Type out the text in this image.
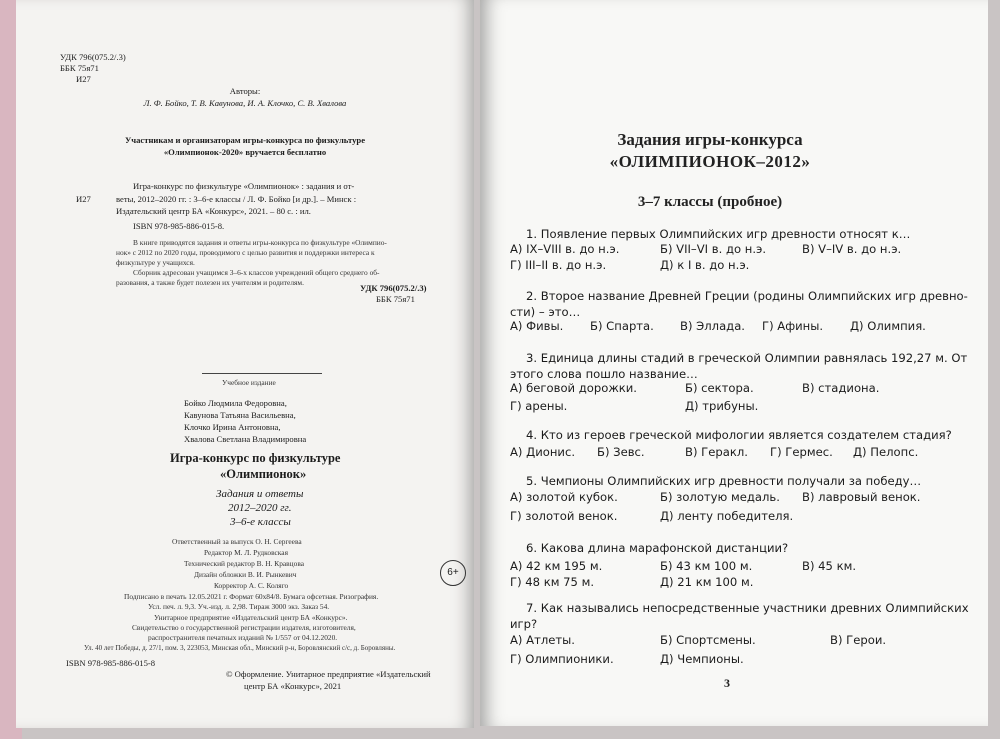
УДК 796(075.2/.3)
ББК 75я71
И27
Авторы:
Л. Ф. Бойко, Т. В. Кавунова, И. А. Клочко, С. В. Хвалова
Участникам и организаторам игры-конкурса по физкультуре
«Олимпионок-2020» вручается бесплатно
Игра-конкурс по физкультуре «Олимпионок» : задания и от-
И27	веты, 2012–2020 гг. : 3–6-е классы / Л. Ф. Бойко [и др.]. – Минск :
Издательский центр БА «Конкурс», 2021. – 80 с. : ил.
ISBN 978-985-886-015-8.
В книге приводятся задания и ответы игры-конкурса по физкультуре «Олимпио-
нок» с 2012 по 2020 годы, проводимого с целью развития и поддержки интереса к
физкультуре у учащихся.
Сборник адресован учащимся 3–6-х классов учреждений общего среднего об-
разования, а также будет полезен их учителям и родителям.
УДК 796(075.2/.3)
ББК 75я71
Учебное издание
Бойко Людмила Федоровна,
Кавунова Татьяна Васильевна,
Клочко Ирина Антоновна,
Хвалова Светлана Владимировна
Игра-конкурс по физкультуре
«Олимпионок»
Задания и ответы
2012–2020 гг.
3–6-е классы
Ответственный за выпуск О. Н. Сергеева
Редактор М. Л. Рудковская
Технический редактор В. Н. Кравцова
Дизайн обложки В. И. Рынкевич
Корректор А. С. Коляго
6+
Подписано в печать 12.05.2021 г. Формат 60х84/8. Бумага офсетная. Ризография.
Усл. печ. л. 9,3. Уч.-изд. л. 2,98. Тираж 3000 экз. Заказ 54.
Унитарное предприятие «Издательский центр БА «Конкурс».
Свидетельство о государственной регистрации издателя, изготовителя,
распространителя печатных изданий № 1/557 от 04.12.2020.
Ул. 40 лет Победы, д. 27/1, пом. 3, 223053, Минская обл., Минский р-н, Боровлянский с/с, д. Боровляны.
ISBN 978-985-886-015-8
© Оформление. Унитарное предприятие «Издательский
центр БА «Конкурс», 2021
Задания игры-конкурса
«ОЛИМПИОНОК–2012»
3–7 классы (пробное)
1. Появление первых Олимпийских игр древности относят к…
А) IX–VIII в. до н.э.	Б) VII–VI в. до н.э.	В) V–IV в. до н.э.
Г) III–II в. до н.э.	Д) к I в. до н.э.
2. Второе название Древней Греции (родины Олимпийских игр древно-
сти) – это…
А) Фивы. Б) Спарта. В) Эллада. Г) Афины. Д) Олимпия.
3. Единица длины стадий в греческой Олимпии равнялась 192,27 м. От
этого слова пошло название…
А) беговой дорожки.	Б) сектора.	В) стадиона.
Г) арены.	Д) трибуны.
4. Кто из героев греческой мифологии является создателем стадия?
А) Дионис. Б) Зевс.	В) Геракл. Г) Гермес. Д) Пелопс.
5. Чемпионы Олимпийских игр древности получали за победу…
А) золотой кубок.	Б) золотую медаль. В) лавровый венок.
Г) золотой венок.	Д) ленту победителя.
6. Какова длина марафонской дистанции?
А) 42 км 195 м.	Б) 43 км 100 м.	В) 45 км.
Г) 48 км 75 м.	Д) 21 км 100 м.
7. Как назывались непосредственные участники древних Олимпийских
игр?
А) Атлеты.	Б) Спортсмены.	В) Герои.
Г) Олимпионики.	Д) Чемпионы.
3
